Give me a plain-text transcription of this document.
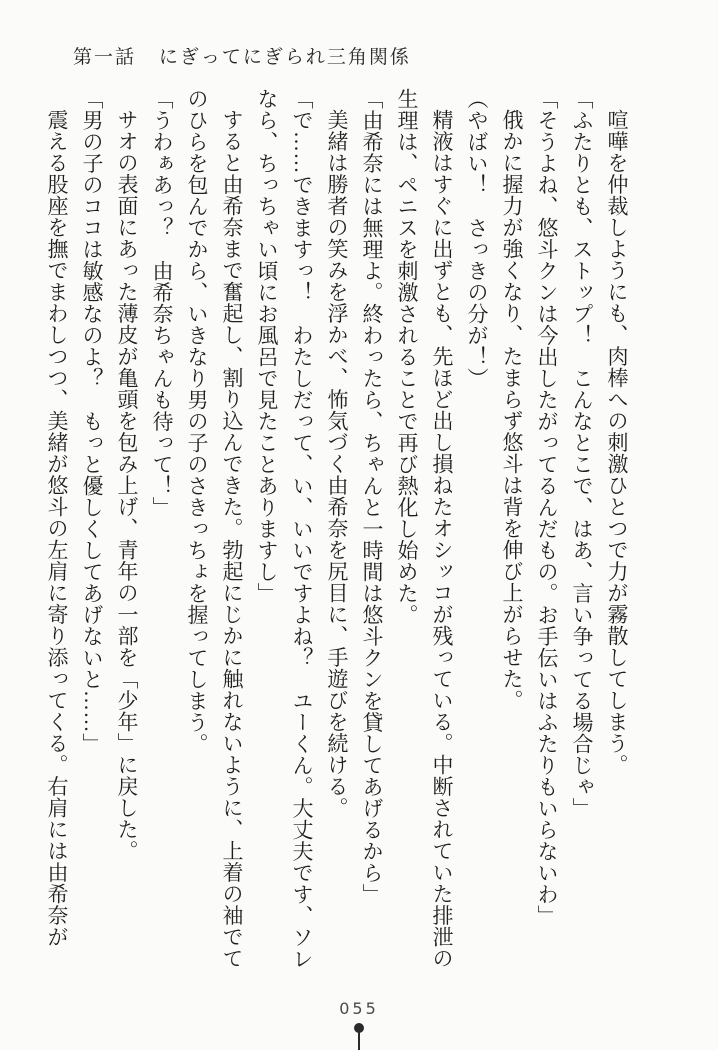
第一話 にぎってにぎられ三角関係

喧嘩を仲裁しようにも、肉棒への刺激ひとつで力が霧散してしまう。

「ふたりとも、ストップ！　こんなとこで、はあ、言い争ってる場合じゃ」

「そうよね、悠斗クンは今出したがってるんだもの。お手伝いはふたりもいらないわ」

俄かに握力が強くなり、たまらず悠斗は背を伸び上がらせた。

（やばい！　さっきの分が！）

精液はすぐに出ずとも、先ほど出し損ねたオシッコが残っている。中断されていた排泄の生理は、ペニスを刺激されることで再び熱化し始めた。

「由希奈には無理よ。終わったら、ちゃんと一時間は悠斗クンを貸してあげるから」

美緒は勝者の笑みを浮かべ、怖気づく由希奈を尻目に、手遊びを続ける。

「で……できますっ！　わたしだって、い、いいですよね？　ユーくん。大丈夫です、ソレなら、ちっちゃい頃にお風呂で見たことありますし」

すると由希奈まで奮起し、割り込んできた。勃起にじかに触れないように、上着の袖でてのひらを包んでから、いきなり男の子のさきっちょを握ってしまう。

「うわぁあっ？　由希奈ちゃんも待って！」

サオの表面にあった薄皮が亀頭を包み上げ、青年の一部を「少年」に戻した。

「男の子のココは敏感なのよ？　もっと優しくしてあげないと……」

震える股座を撫でまわしつつ、美緒が悠斗の左肩に寄り添ってくる。右肩には由希奈が

055
